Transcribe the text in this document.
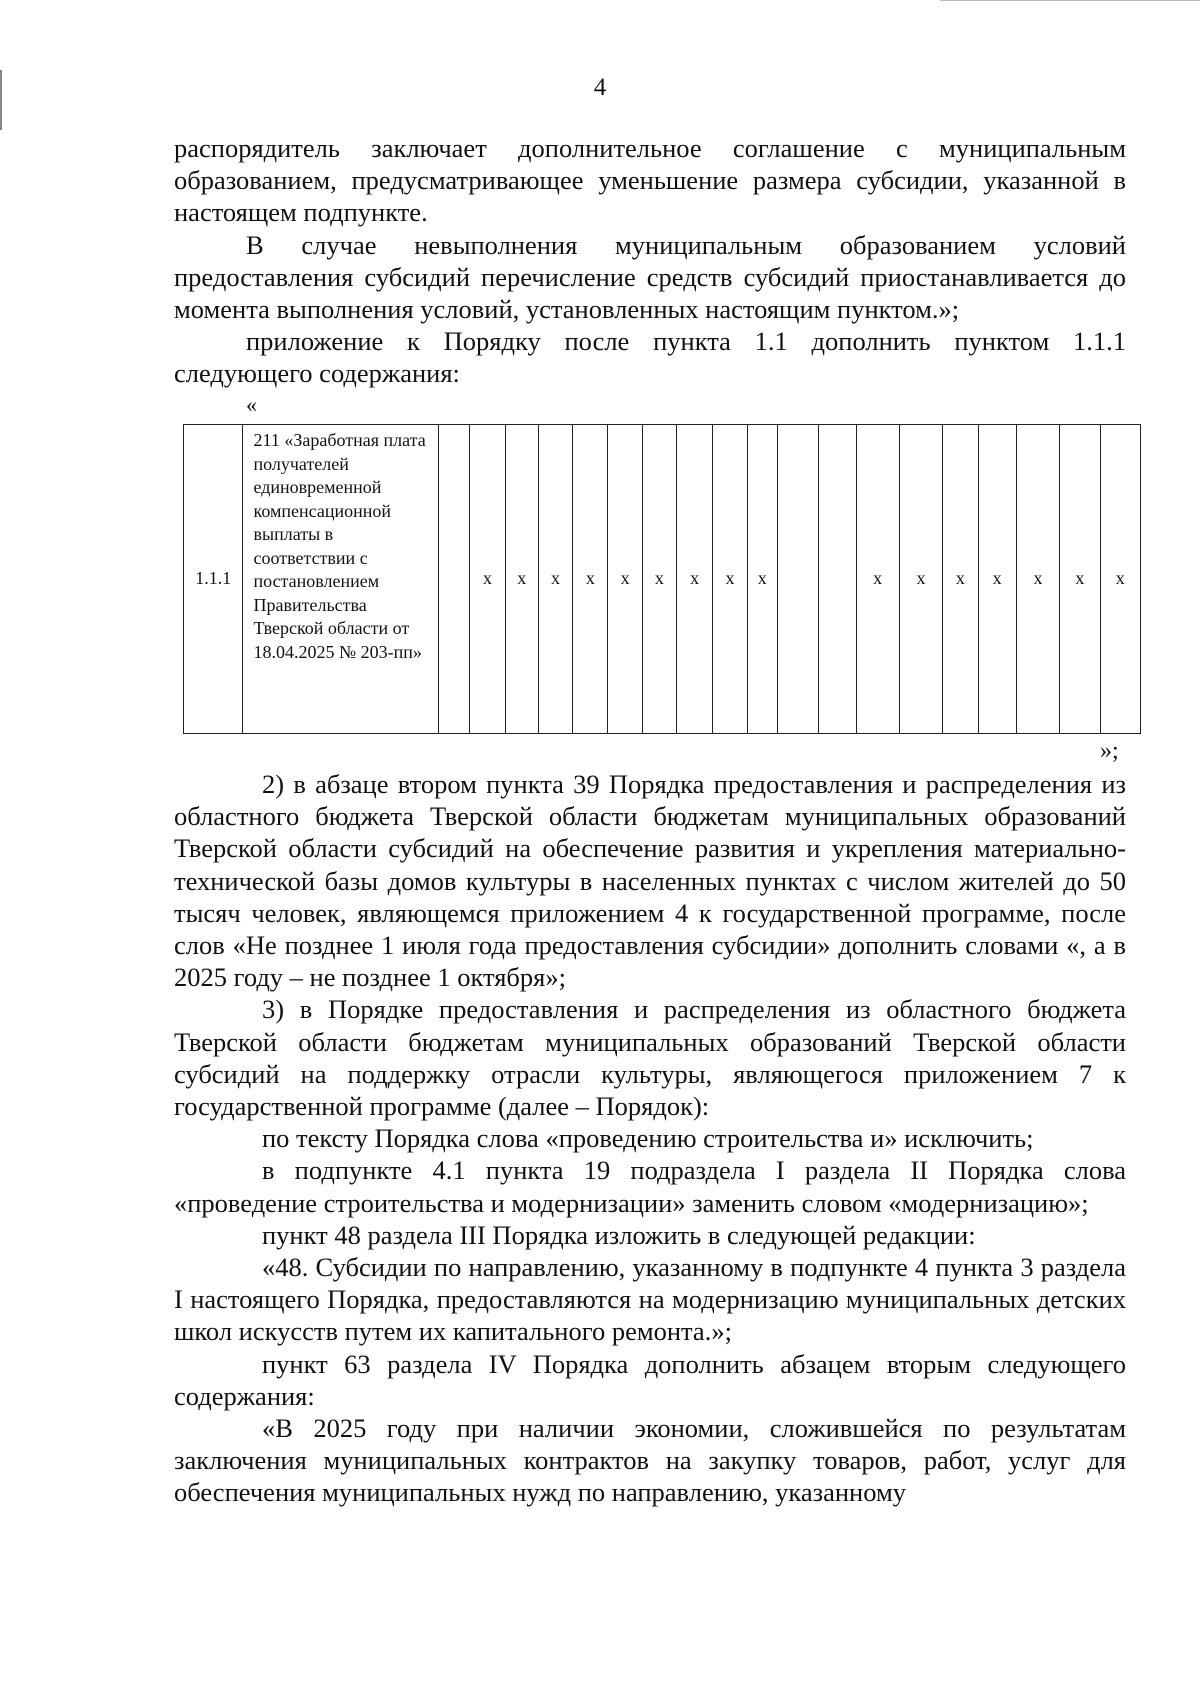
4

распорядитель заключает дополнительное соглашение с муниципальным образованием, предусматривающее уменьшение размера субсидии, указанной в настоящем подпункте.

В случае невыполнения муниципальным образованием условий предоставления субсидий перечисление средств субсидий приостанавливается до момента выполнения условий, установленных настоящим пунктом.»;

приложение к Порядку после пункта 1.1 дополнить пунктом 1.1.1 следующего содержания:

«
1.1.1	211 «Заработная плата получателей единовременной компенсационной выплаты в соответствии с постановлением Правительства Тверской области от 18.04.2025 № 203-пп»		x	x	x	x	x	x	x	x	x			x	x	x	x	x	x	x
»;

2) в абзаце втором пункта 39 Порядка предоставления и распределения из областного бюджета Тверской области бюджетам муниципальных образований Тверской области субсидий на обеспечение развития и укрепления материально-технической базы домов культуры в населенных пунктах с числом жителей до 50 тысяч человек, являющемся приложением 4 к государственной программе, после слов «Не позднее 1 июля года предоставления субсидии» дополнить словами «, а в 2025 году – не позднее 1 октября»;

3) в Порядке предоставления и распределения из областного бюджета Тверской области бюджетам муниципальных образований Тверской области субсидий на поддержку отрасли культуры, являющегося приложением 7 к государственной программе (далее – Порядок):

по тексту Порядка слова «проведению строительства и» исключить;

в подпункте 4.1 пункта 19 подраздела I раздела II Порядка слова «проведение строительства и модернизации» заменить словом «модернизацию»;

пункт 48 раздела III Порядка изложить в следующей редакции:

«48. Субсидии по направлению, указанному в подпункте 4 пункта 3 раздела I настоящего Порядка, предоставляются на модернизацию муниципальных детских школ искусств путем их капитального ремонта.»;

пункт 63 раздела IV Порядка дополнить абзацем вторым следующего содержания:

«В 2025 году при наличии экономии, сложившейся по результатам заключения муниципальных контрактов на закупку товаров, работ, услуг для обеспечения муниципальных нужд по направлению, указанному
